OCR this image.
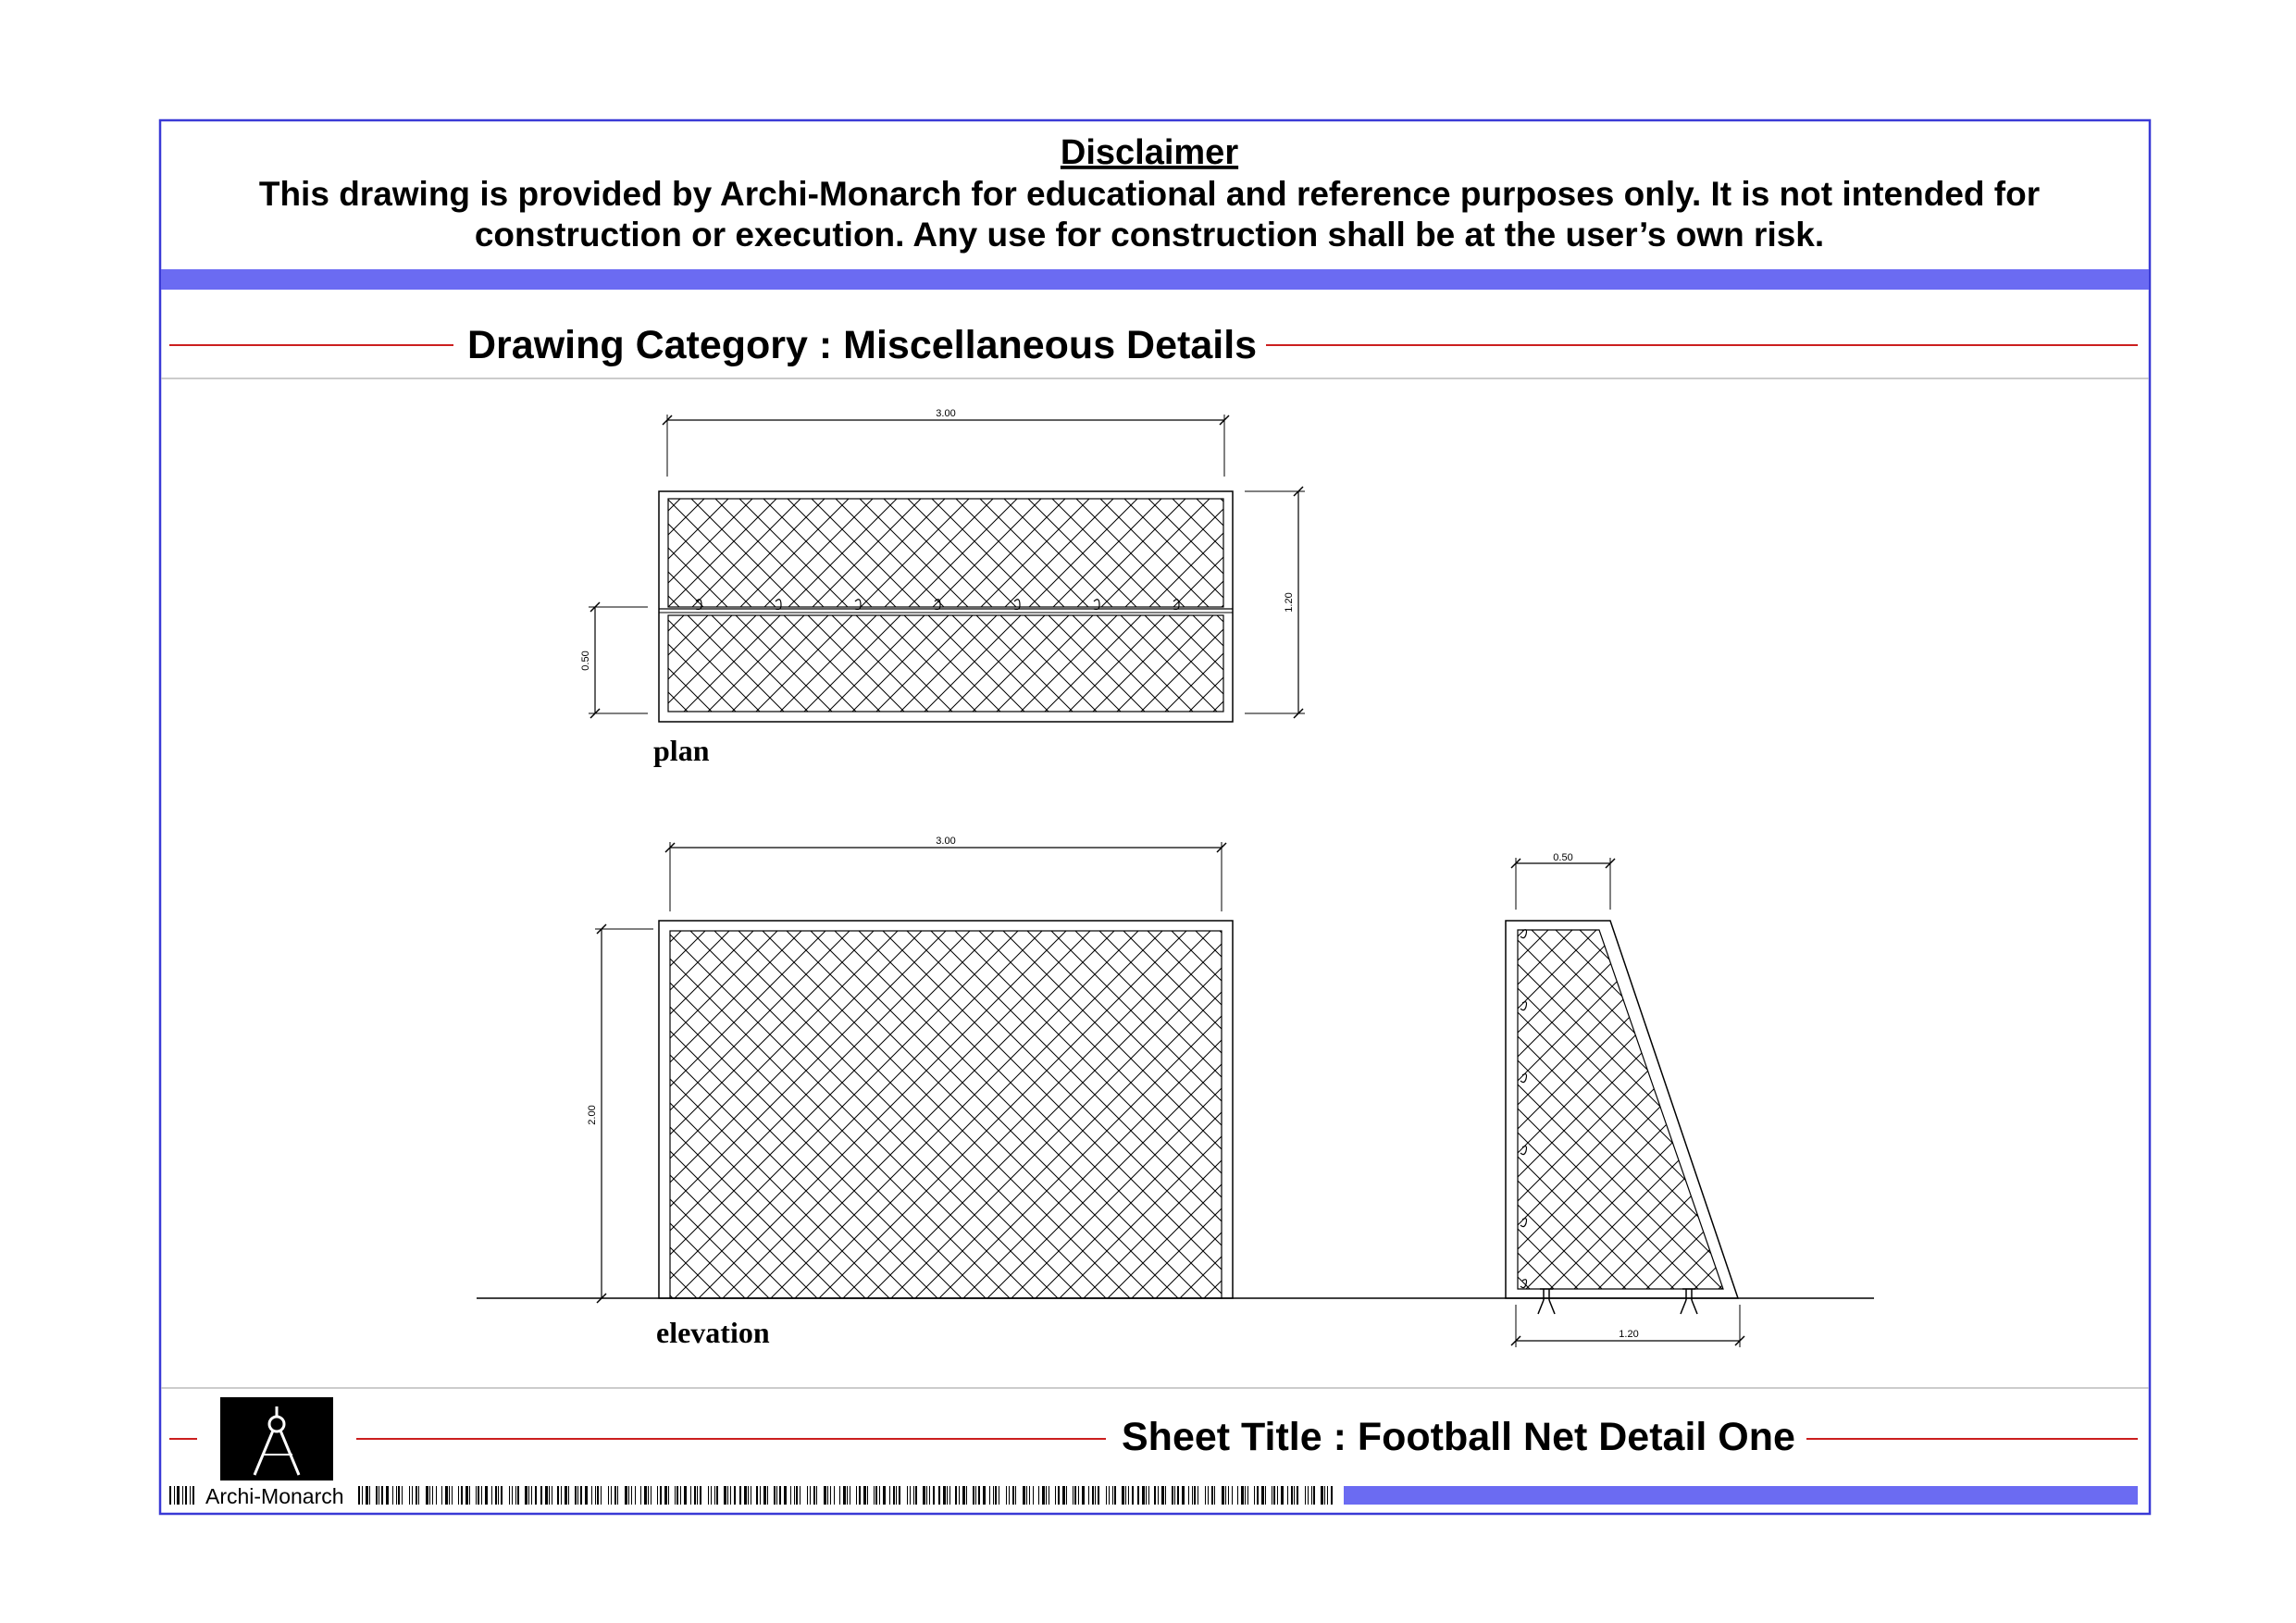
Disclaimer
This drawing is provided by Archi-Monarch for educational and reference purposes only. It is not intended for
construction or execution. Any use for construction shall be at the user’s own risk.
Drawing Category : Miscellaneous Details
3.00
1.20
0.50
plan
3.00
2.00
elevation
0.50
1.20
Sheet Title : Football Net Detail One
Archi-Monarch
